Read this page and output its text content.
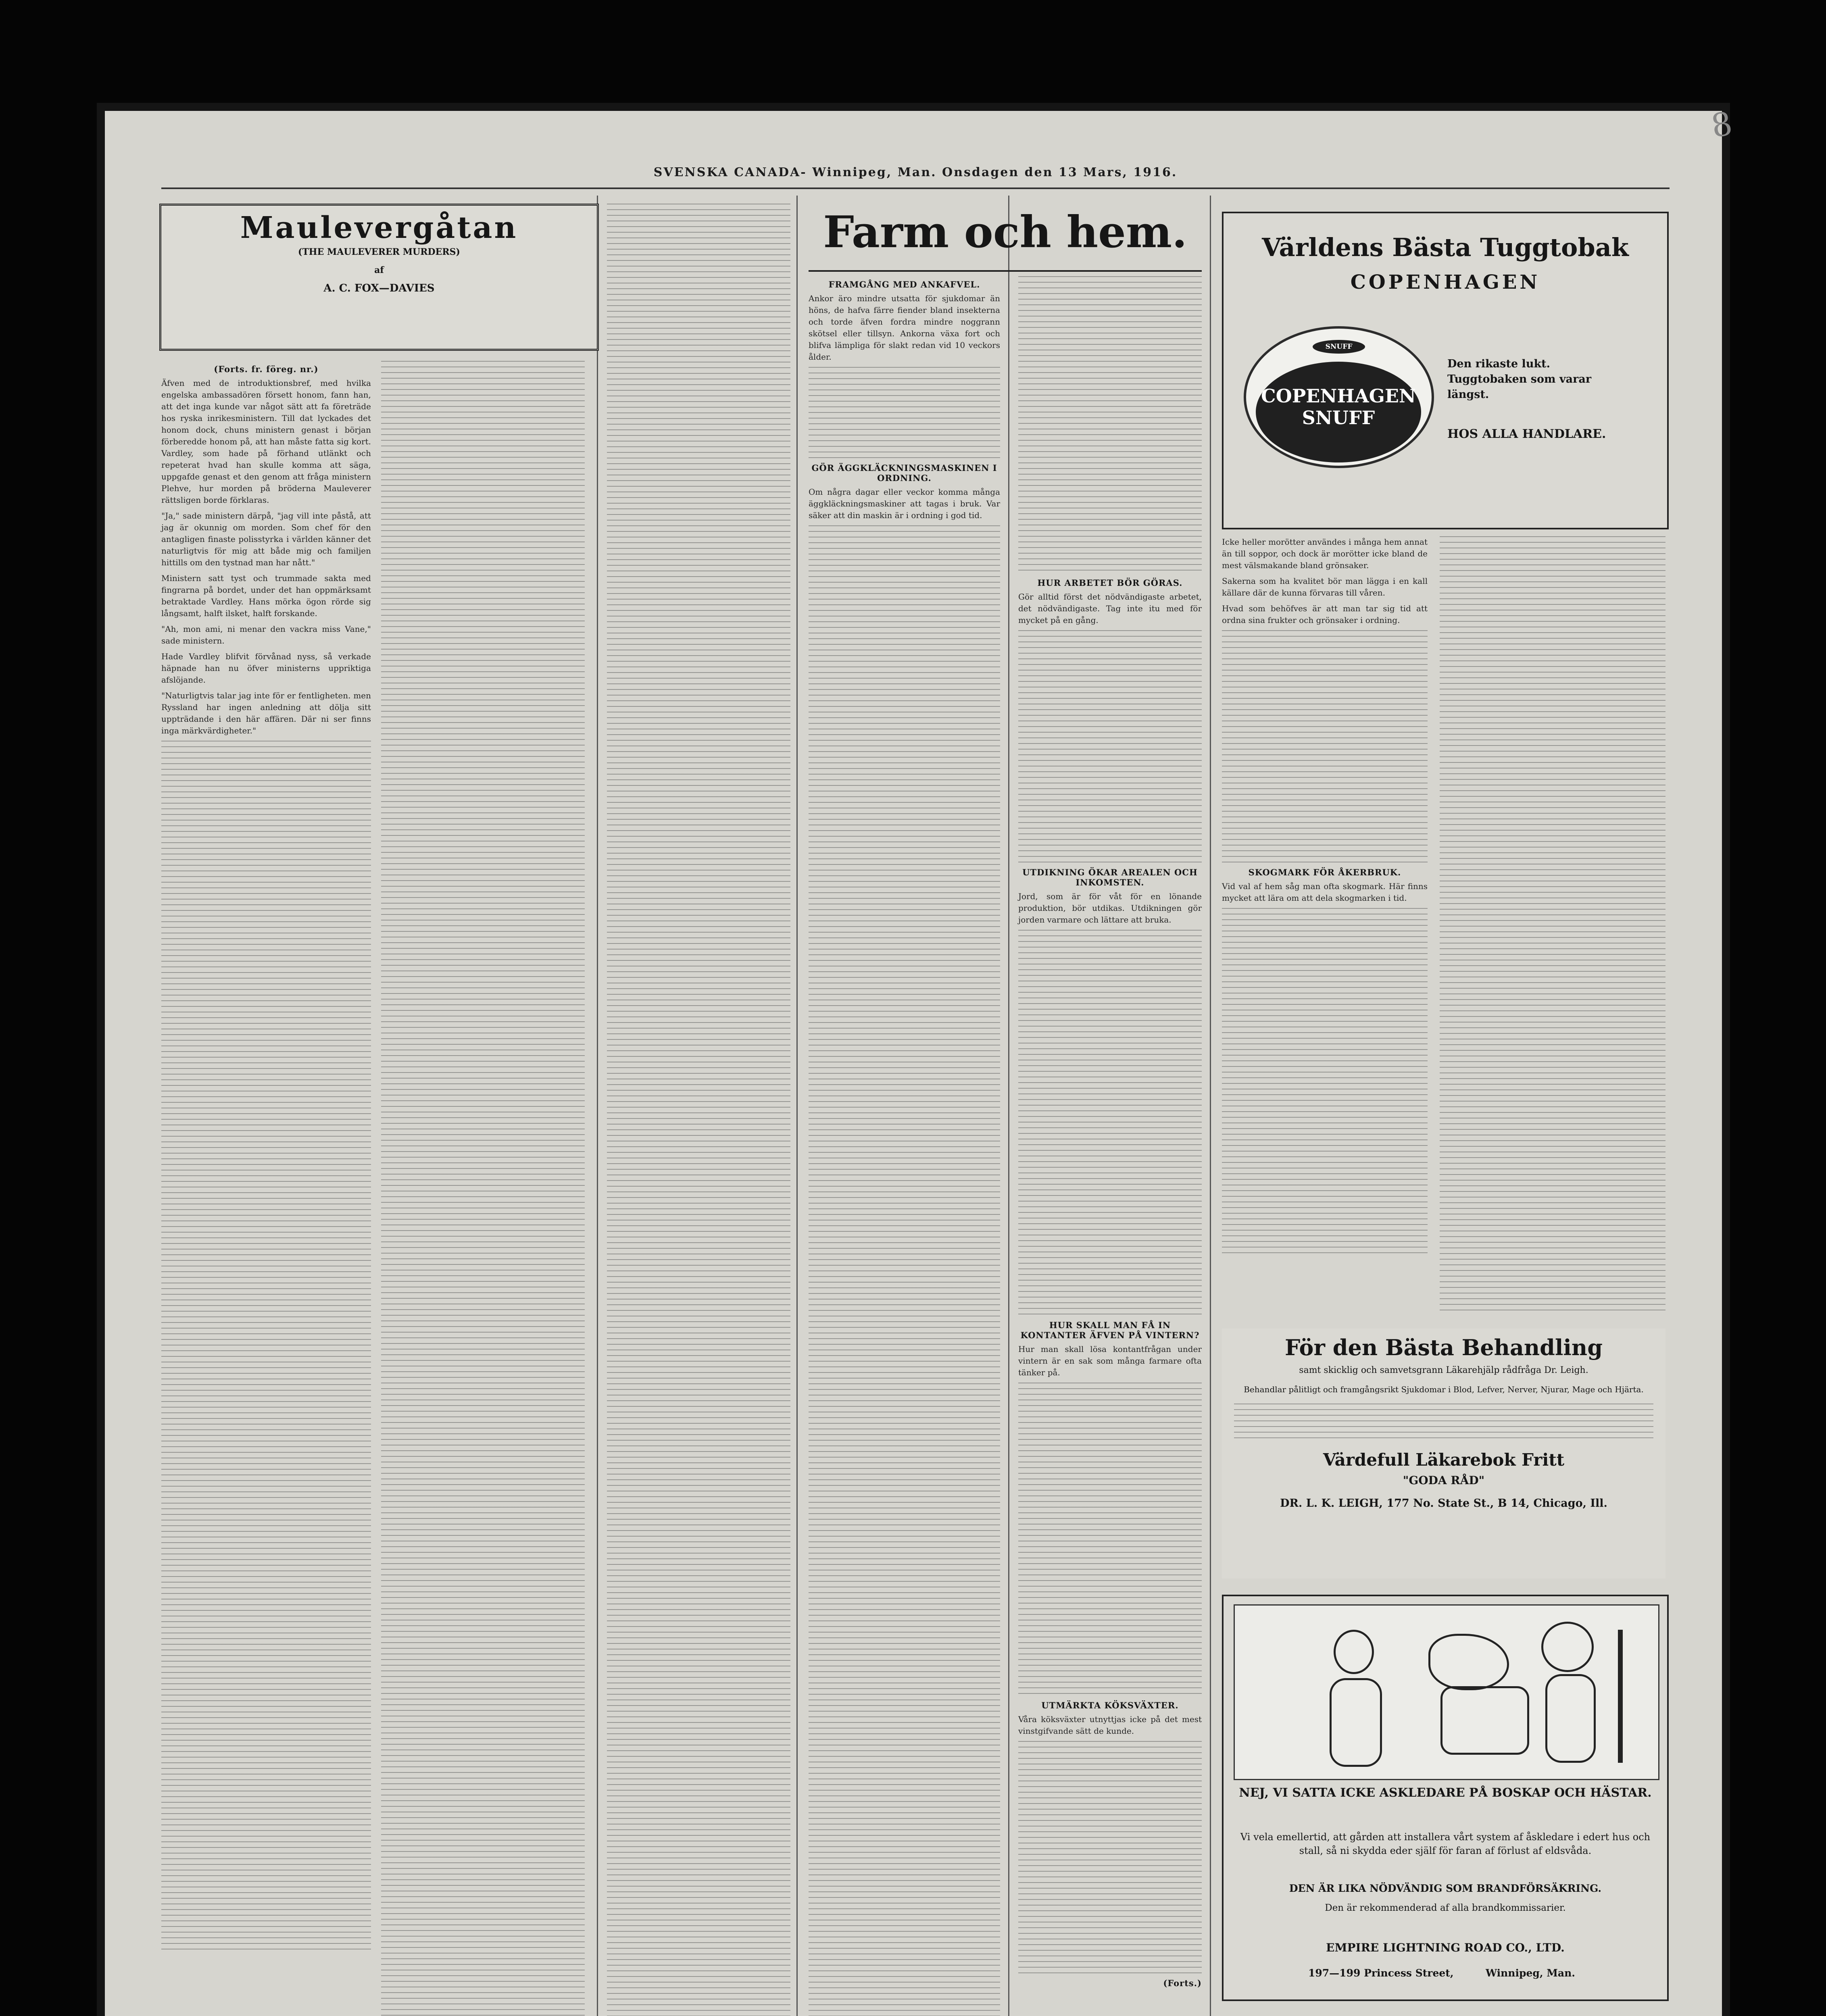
8
SVENSKA CANADA- Winnipeg, Man. Onsdagen den 13 Mars, 1916.
Maulevergåtan
(THE MAULEVERER MURDERS)
af
A. C. FOX—DAVIES
(Forts. fr. föreg. nr.)

Äfven med de introduktionsbref, med hvilka engelska ambassadören försett honom, fann han, att det inga kunde var något sätt att fa företräde hos ryska inrikesministern. Till dat lyckades det honom dock, chuns ministern genast i början förberedde honom på, att han måste fatta sig kort. Vardley, som hade på förhand utlänkt och repeterat hvad han skulle komma att säga, uppgafde genast et den genom att fråga ministern Plehve, hur morden på bröderna Mauleverer rättsligen borde förklaras.

"Ja," sade ministern därpå, "jag vill inte påstå, att jag är okunnig om morden. Som chef för den antagligen finaste polisstyrka i världen känner det naturligtvis för mig att både mig och familjen hittills om den tystnad man har nått."

Ministern satt tyst och trummade sakta med fingrarna på bordet, under det han oppmärksamt betraktade Vardley. Hans mörka ögon rörde sig långsamt, halft ilsket, halft forskande.

"Ah, mon ami, ni menar den vackra miss Vane," sade ministern.

Hade Vardley blifvit förvånad nyss, så verkade häpnade han nu öfver ministerns uppriktiga afslöjande.

"Naturligtvis talar jag inte för er fentligheten. men Ryssland har ingen anledning att dölja sitt uppträdande i den här affären. Där ni ser finns inga märkvärdigheter."

Farm och hem.
FRAMGÅNG MED ANKAFVEL.

Ankor äro mindre utsatta för sjukdomar än höns, de hafva färre fiender bland insekterna och torde äfven fordra mindre noggrann skötsel eller tillsyn. Ankorna växa fort och blifva lämpliga för slakt redan vid 10 veckors ålder.

GÖR ÄGGKLÄCKNINGSMASKINEN I ORDNING.

Om några dagar eller veckor komma många äggkläckningsmaskiner att tagas i bruk. Var säker att din maskin är i ordning i god tid.

HUR ARBETET BÖR GÖRAS.

Gör alltid först det nödvändigaste arbetet, det nödvändigaste. Tag inte itu med för mycket på en gång.

UTDIKNING ÖKAR AREALEN OCH INKOMSTEN.

Jord, som är för våt för en lönande produktion, bör utdikas. Utdikningen gör jorden varmare och lättare att bruka.

HUR SKALL MAN FÅ IN KONTANTER ÄFVEN PÅ VINTERN?

Hur man skall lösa kontantfrågan under vintern är en sak som många farmare ofta tänker på.

UTMÄRKTA KÖKSVÄXTER.

Våra köksväxter utnyttjas icke på det mest vinstgifvande sätt de kunde.

(Forts.)
Världens Bästa Tuggtobak
COPENHAGEN
SNUFF
COPENHAGEN SNUFF
Den rikaste lukt. Tuggtobaken som varar längst.
HOS ALLA HANDLARE.

Icke heller morötter användes i många hem annat än till soppor, och dock är morötter icke bland de mest välsmakande bland grönsaker.

Sakerna som ha kvalitet bör man lägga i en kall källare där de kunna förvaras till våren.

Hvad som behöfves är att man tar sig tid att ordna sina frukter och grönsaker i ordning.

SKOGMARK FÖR ÅKERBRUK.

Vid val af hem såg man ofta skogmark. Här finns mycket att lära om att dela skogmarken i tid.

För den Bästa Behandling
samt skicklig och samvetsgrann Läkarehjälp rådfråga Dr. Leigh.
Behandlar pålitligt och framgångsrikt Sjukdomar i Blod, Lefver, Nerver, Njurar, Mage och Hjärta.
Värdefull Läkarebok Fritt
"GODA RÅD"
DR. L. K. LEIGH, 177 No. State St., B 14, Chicago, Ill.
NEJ, VI SATTA ICKE ASKLEDARE PÅ BOSKAP OCH HÄSTAR.
Vi vela emellertid, att gården att installera vårt system af åskledare i edert hus och stall, så ni skydda eder själf för faran af förlust af eldsvåda.
DEN ÄR LIKA NÖDVÄNDIG SOM BRANDFÖRSÄKRING.
Den är rekommenderad af alla brandkommissarier.
EMPIRE LIGHTNING ROAD CO., LTD.
197—199 Princess Street,	Winnipeg, Man.
